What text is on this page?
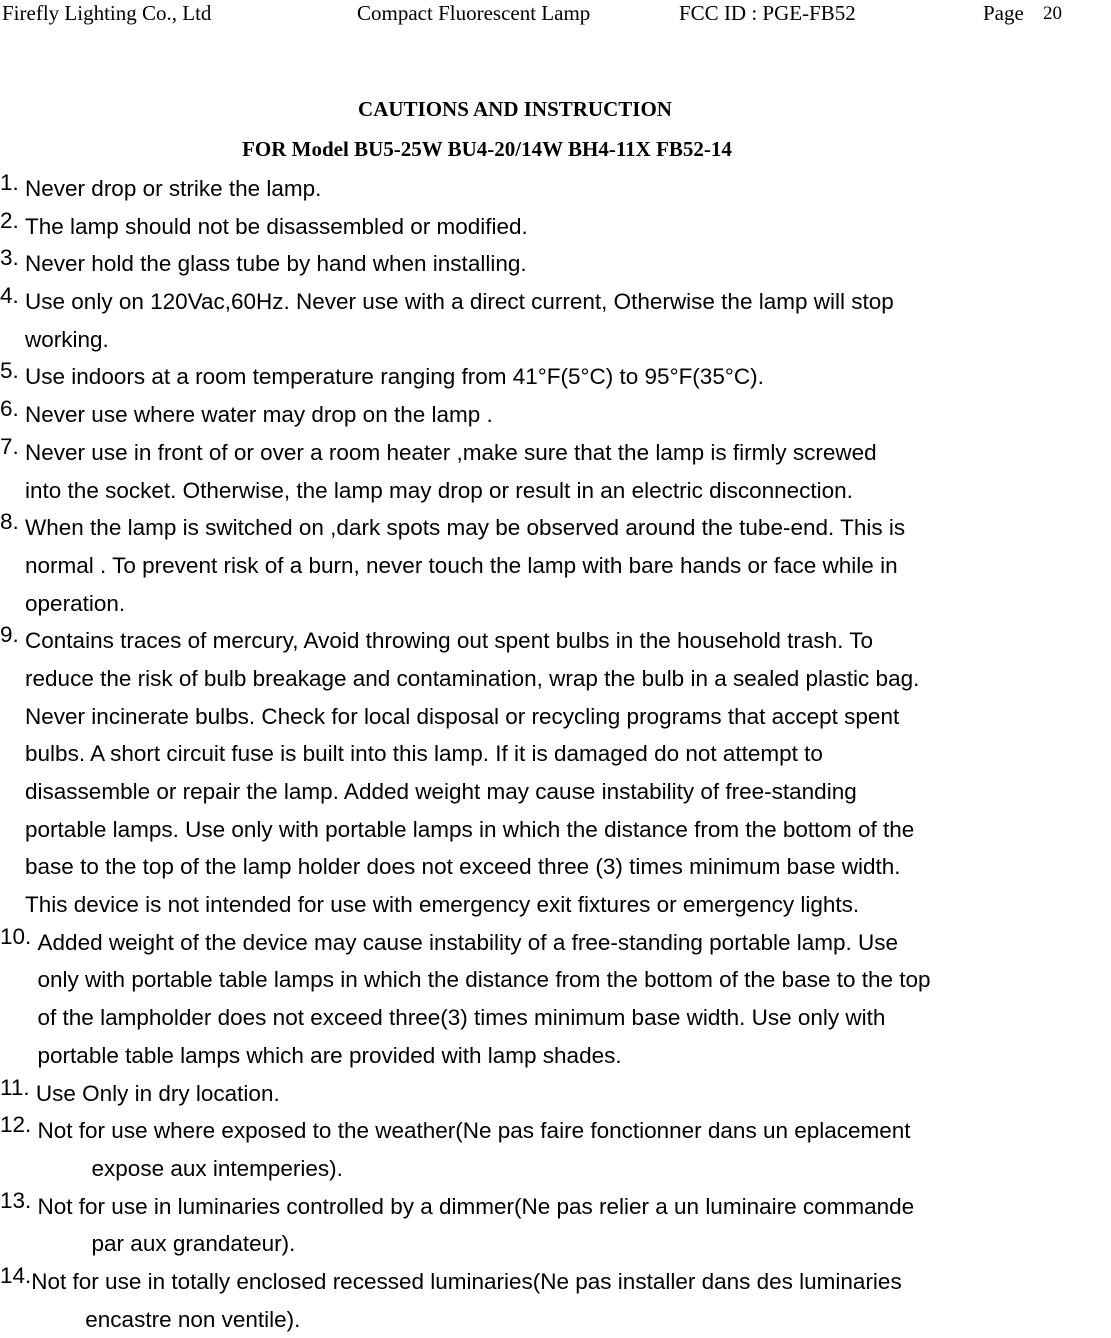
Firefly Lighting Co., Ltd	Compact Fluorescent Lamp	FCC ID : PGE-FB52	Page 20
CAUTIONS AND INSTRUCTION
FOR Model BU5-25W BU4-20/14W BH4-11X FB52-14
1. Never drop or strike the lamp.
2. The lamp should not be disassembled or modified.
3. Never hold the glass tube by hand when installing.
4. Use only on 120Vac,60Hz. Never use with a direct current, Otherwise the lamp will stop
working.
5. Use indoors at a room temperature ranging from 41°F(5°C) to 95°F(35°C).
6. Never use where water may drop on the lamp .
7. Never use in front of or over a room heater ,make sure that the lamp is firmly screwed
into the socket. Otherwise, the lamp may drop or result in an electric disconnection.
8. When the lamp is switched on ,dark spots may be observed around the tube-end. This is
normal . To prevent risk of a burn, never touch the lamp with bare hands or face while in
operation.
9. Contains traces of mercury, Avoid throwing out spent bulbs in the household trash. To
reduce the risk of bulb breakage and contamination, wrap the bulb in a sealed plastic bag.
Never incinerate bulbs. Check for local disposal or recycling programs that accept spent
bulbs. A short circuit fuse is built into this lamp. If it is damaged do not attempt to
disassemble or repair the lamp. Added weight may cause instability of free-standing
portable lamps. Use only with portable lamps in which the distance from the bottom of the
base to the top of the lamp holder does not exceed three (3) times minimum base width.
This device is not intended for use with emergency exit fixtures or emergency lights.
10. Added weight of the device may cause instability of a free-standing portable lamp. Use
only with portable table lamps in which the distance from the bottom of the base to the top
of the lampholder does not exceed three(3) times minimum base width. Use only with
portable table lamps which are provided with lamp shades.
11. Use Only in dry location.
12. Not for use where exposed to the weather(Ne pas faire fonctionner dans un eplacement
expose aux intemperies).
13. Not for use in luminaries controlled by a dimmer(Ne pas relier a un luminaire commande
par aux grandateur).
14. Not for use in totally enclosed recessed luminaries(Ne pas installer dans des luminaries
encastre non ventile).
